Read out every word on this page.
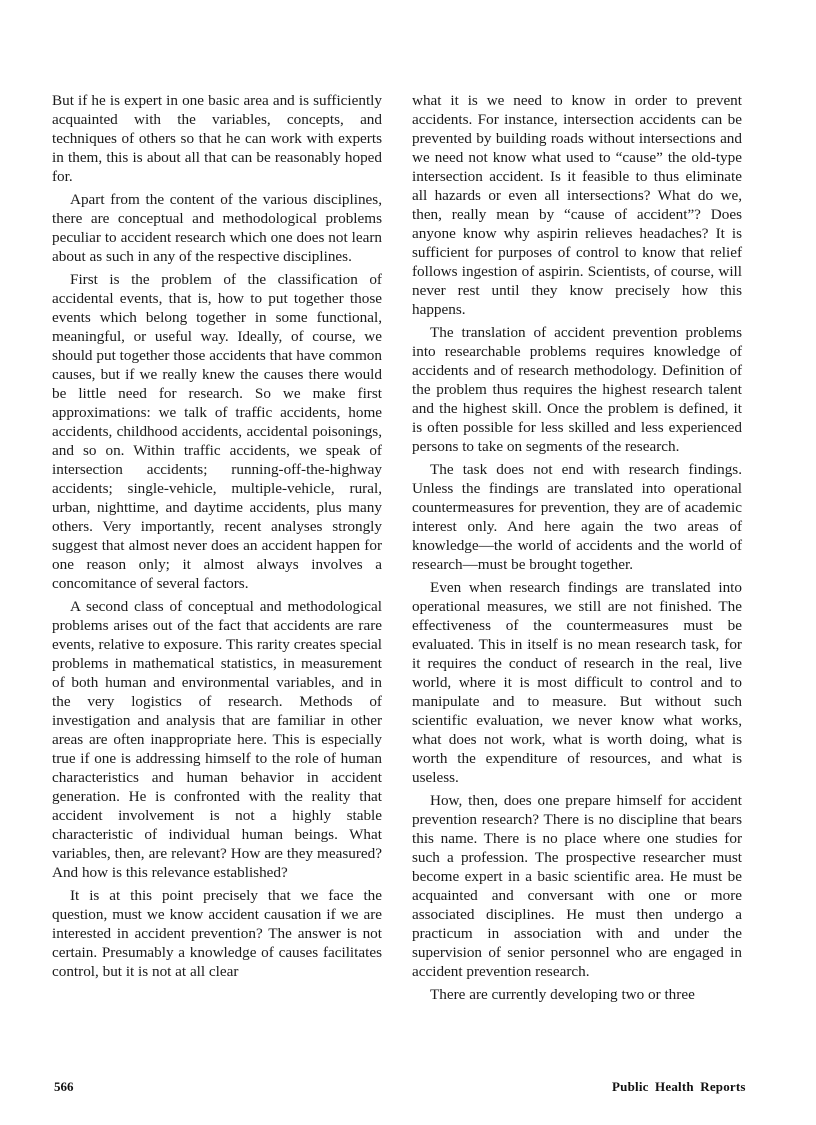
But if he is expert in one basic area and is sufficiently acquainted with the variables, concepts, and techniques of others so that he can work with experts in them, this is about all that can be reasonably hoped for.

Apart from the content of the various disciplines, there are conceptual and methodological problems peculiar to accident research which one does not learn about as such in any of the respective disciplines.

First is the problem of the classification of accidental events, that is, how to put together those events which belong together in some functional, meaningful, or useful way. Ideally, of course, we should put together those accidents that have common causes, but if we really knew the causes there would be little need for research. So we make first approximations: we talk of traffic accidents, home accidents, childhood accidents, accidental poisonings, and so on. Within traffic accidents, we speak of intersection accidents; running-off-the-highway accidents; single-vehicle, multiple-vehicle, rural, urban, nighttime, and daytime accidents, plus many others. Very importantly, recent analyses strongly suggest that almost never does an accident happen for one reason only; it almost always involves a concomitance of several factors.

A second class of conceptual and methodological problems arises out of the fact that accidents are rare events, relative to exposure. This rarity creates special problems in mathematical statistics, in measurement of both human and environmental variables, and in the very logistics of research. Methods of investigation and analysis that are familiar in other areas are often inappropriate here. This is especially true if one is addressing himself to the role of human characteristics and human behavior in accident generation. He is confronted with the reality that accident involvement is not a highly stable characteristic of individual human beings. What variables, then, are relevant? How are they measured? And how is this relevance established?

It is at this point precisely that we face the question, must we know accident causation if we are interested in accident prevention? The answer is not certain. Presumably a knowledge of causes facilitates control, but it is not at all clear

what it is we need to know in order to prevent accidents. For instance, intersection accidents can be prevented by building roads without intersections and we need not know what used to “cause” the old-type intersection accident. Is it feasible to thus eliminate all hazards or even all intersections? What do we, then, really mean by “cause of accident”? Does anyone know why aspirin relieves headaches? It is sufficient for purposes of control to know that relief follows ingestion of aspirin. Scientists, of course, will never rest until they know precisely how this happens.

The translation of accident prevention problems into researchable problems requires knowledge of accidents and of research methodology. Definition of the problem thus requires the highest research talent and the highest skill. Once the problem is defined, it is often possible for less skilled and less experienced persons to take on segments of the research.

The task does not end with research findings. Unless the findings are translated into operational countermeasures for prevention, they are of academic interest only. And here again the two areas of knowledge—the world of accidents and the world of research—must be brought together.

Even when research findings are translated into operational measures, we still are not finished. The effectiveness of the countermeasures must be evaluated. This in itself is no mean research task, for it requires the conduct of research in the real, live world, where it is most difficult to control and to manipulate and to measure. But without such scientific evaluation, we never know what works, what does not work, what is worth doing, what is worth the expenditure of resources, and what is useless.

How, then, does one prepare himself for accident prevention research? There is no discipline that bears this name. There is no place where one studies for such a profession. The prospective researcher must become expert in a basic scientific area. He must be acquainted and conversant with one or more associated disciplines. He must then undergo a practicum in association with and under the supervision of senior personnel who are engaged in accident prevention research.

There are currently developing two or three

566	Public Health Reports
